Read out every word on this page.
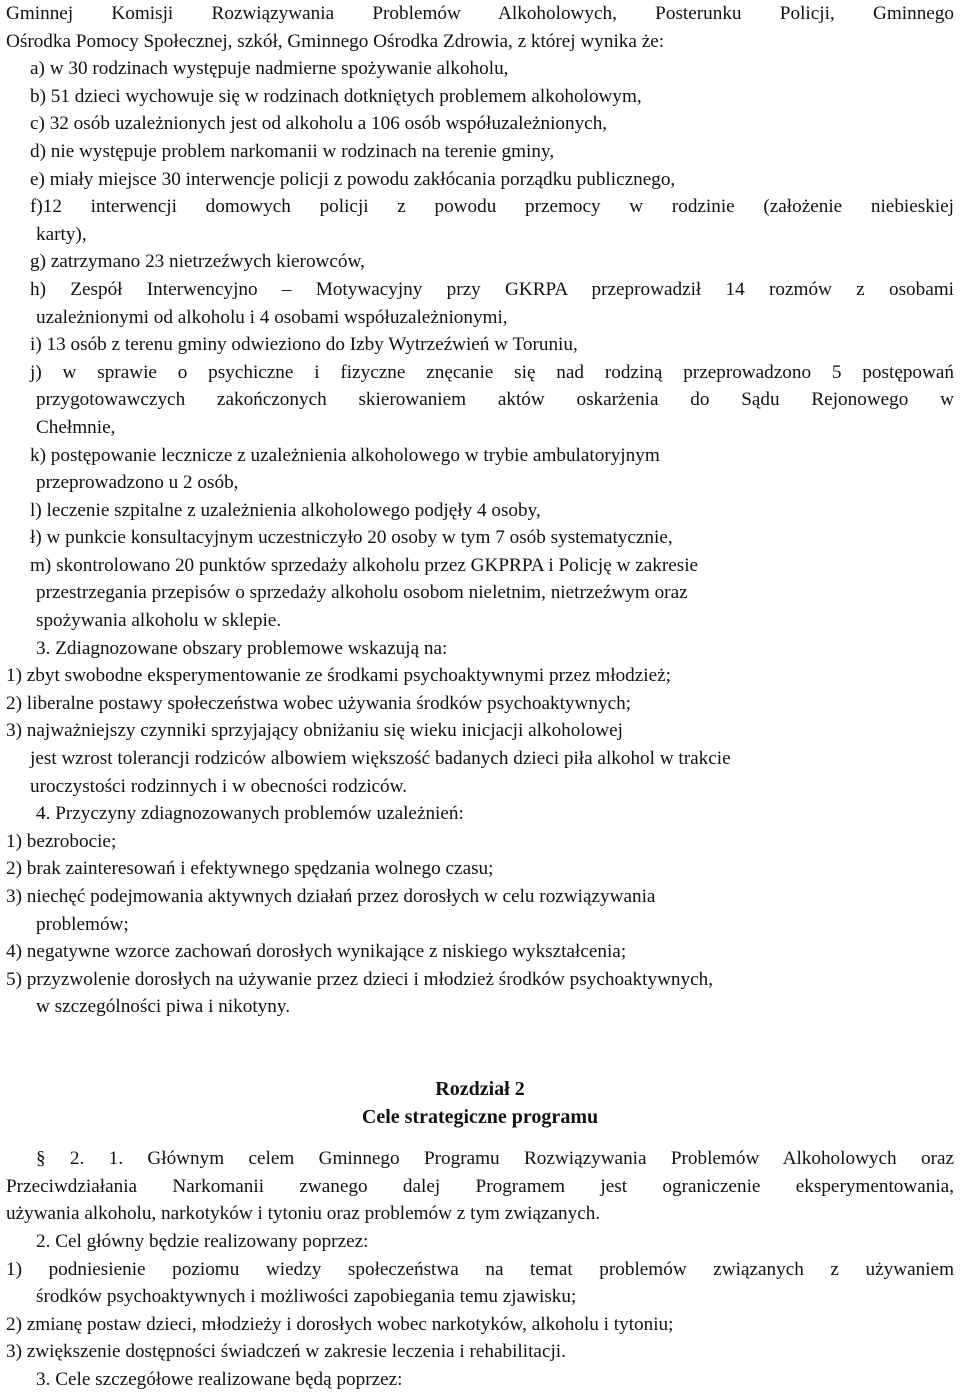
Gminnej Komisji Rozwiązywania Problemów Alkoholowych, Posterunku Policji, Gminnego
Ośrodka Pomocy Społecznej, szkół, Gminnego Ośrodka Zdrowia, z której wynika że:
a) w 30 rodzinach występuje nadmierne spożywanie alkoholu,
b) 51 dzieci wychowuje się w rodzinach dotkniętych problemem alkoholowym,
c) 32 osób uzależnionych jest od alkoholu a 106 osób współuzależnionych,
d) nie występuje problem narkomanii w rodzinach na terenie gminy,
e) miały miejsce 30 interwencje policji z powodu zakłócania porządku publicznego,
f)12 interwencji domowych policji z powodu przemocy w rodzinie (założenie niebieskiej
karty),
g) zatrzymano 23 nietrzeźwych kierowców,
h) Zespół Interwencyjno – Motywacyjny przy GKRPA przeprowadził 14 rozmów z osobami
uzależnionymi od alkoholu i 4 osobami współuzależnionymi,
i) 13 osób z terenu gminy odwieziono do Izby Wytrzeźwień w Toruniu,
j) w sprawie o psychiczne i fizyczne znęcanie się nad rodziną przeprowadzono 5 postępowań
przygotowawczych zakończonych skierowaniem aktów oskarżenia do Sądu Rejonowego w
Chełmnie,
k) postępowanie lecznicze z uzależnienia alkoholowego w trybie ambulatoryjnym
przeprowadzono u 2 osób,
l) leczenie szpitalne z uzależnienia alkoholowego podjęły 4 osoby,
ł) w punkcie konsultacyjnym uczestniczyło 20 osoby w tym 7 osób systematycznie,
m) skontrolowano 20 punktów sprzedaży alkoholu przez GKPRPA i Policję w zakresie
przestrzegania przepisów o sprzedaży alkoholu osobom nieletnim, nietrzeźwym oraz
spożywania alkoholu w sklepie.
3. Zdiagnozowane obszary problemowe wskazują na:
1) zbyt swobodne eksperymentowanie ze środkami psychoaktywnymi przez młodzież;
2) liberalne postawy społeczeństwa wobec używania środków psychoaktywnych;
3) najważniejszy czynniki sprzyjający obniżaniu się wieku inicjacji alkoholowej
jest wzrost tolerancji rodziców albowiem większość badanych dzieci piła alkohol w trakcie
uroczystości rodzinnych i w obecności rodziców.
4. Przyczyny zdiagnozowanych problemów uzależnień:
1) bezrobocie;
2) brak zainteresowań i efektywnego spędzania wolnego czasu;
3) niechęć podejmowania aktywnych działań przez dorosłych w celu rozwiązywania
problemów;
4) negatywne wzorce zachowań dorosłych wynikające z niskiego wykształcenia;
5) przyzwolenie dorosłych na używanie przez dzieci i młodzież środków psychoaktywnych,
w szczególności piwa i nikotyny.
Rozdział 2
Cele strategiczne programu
§ 2. 1. Głównym celem Gminnego Programu Rozwiązywania Problemów Alkoholowych oraz
Przeciwdziałania Narkomanii zwanego dalej Programem jest ograniczenie eksperymentowania,
używania alkoholu, narkotyków i tytoniu oraz problemów z tym związanych.
2. Cel główny będzie realizowany poprzez:
1) podniesienie poziomu wiedzy społeczeństwa na temat problemów związanych z używaniem
środków psychoaktywnych i możliwości zapobiegania temu zjawisku;
2) zmianę postaw dzieci, młodzieży i dorosłych wobec narkotyków, alkoholu i tytoniu;
3) zwiększenie dostępności świadczeń w zakresie leczenia i rehabilitacji.
3. Cele szczegółowe realizowane będą poprzez:
